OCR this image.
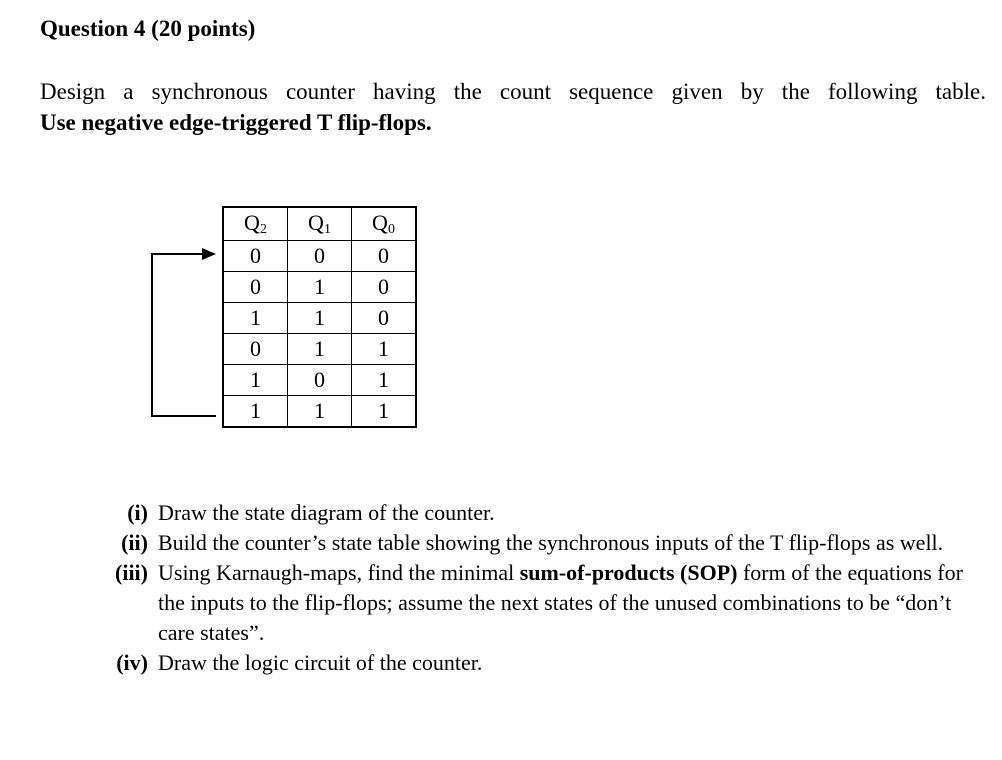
Question 4 (20 points)

Design a synchronous counter having the count sequence given by the following table.
Use negative edge-triggered T flip-flops.

$Q_2$	$Q_1$	$Q_0$
0	0	0
0	1	0
1	1	0
0	1	1
1	0	1
1	1	1
(i) Draw the state diagram of the counter.
(ii) Build the counter’s state table showing the synchronous inputs of the T flip-flops as well.
(iii) Using Karnaugh-maps, find the minimal sum-of-products (SOP) form of the equations for the inputs to the flip-flops; assume the next states of the unused combinations to be “don’t care states”.
(iv) Draw the logic circuit of the counter.
